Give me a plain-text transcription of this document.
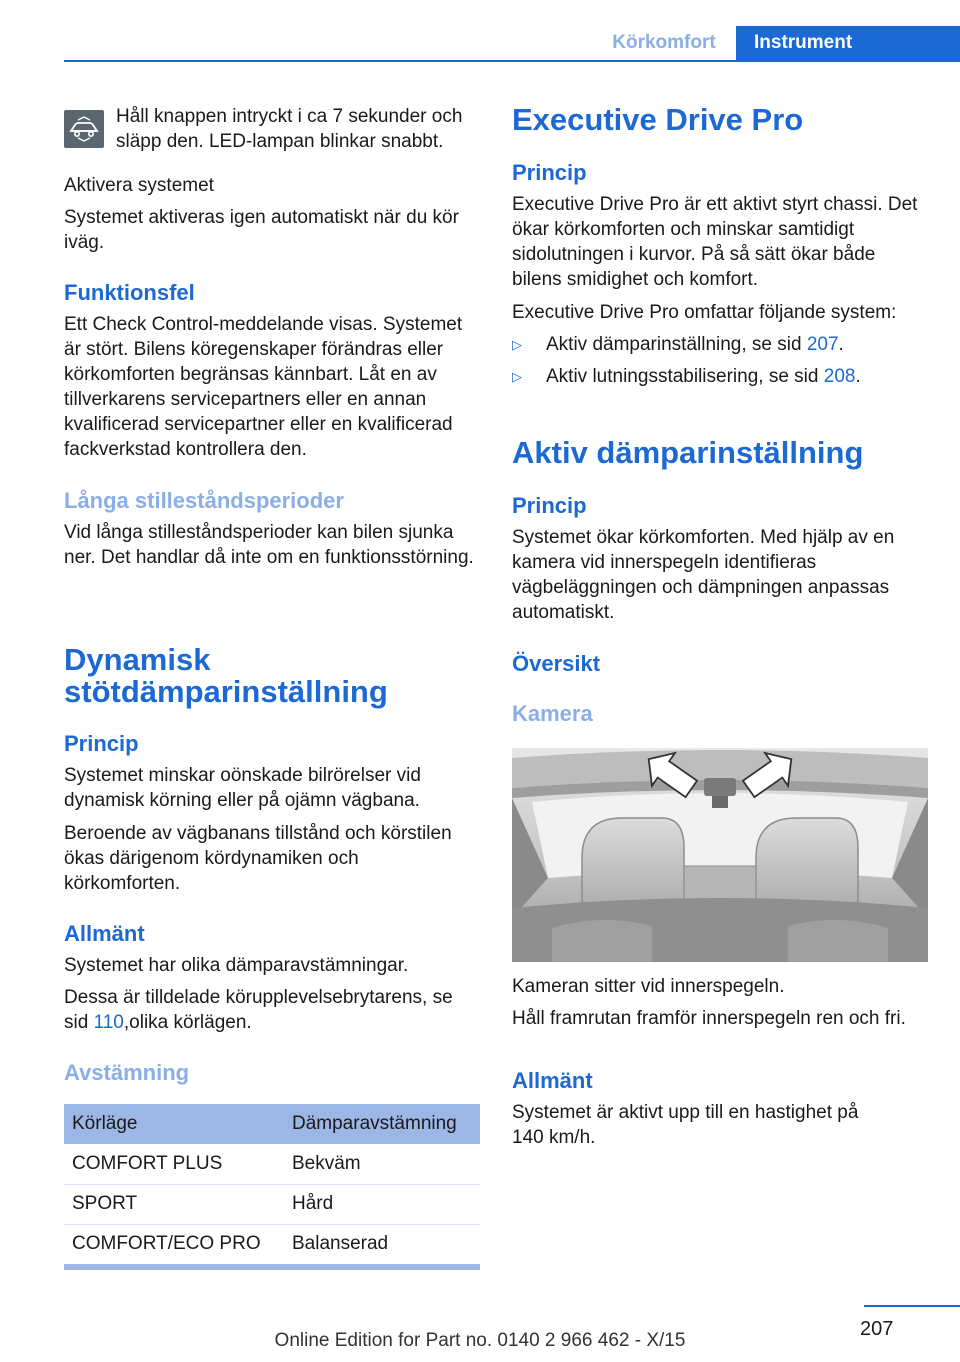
Körkomfort	Instrument

Håll knappen intryckt i ca 7 sekunder och släpp den. LED-lampan blinkar snabbt.

Aktivera systemet

Systemet aktiveras igen automatiskt när du kör iväg.

Funktionsfel

Ett Check Control-meddelande visas. Systemet är stört. Bilens köregenskaper förändras eller körkomforten begränsas kännbart. Låt en av tillverkarens servicepartners eller en annan kvalificerad servicepartner eller en kvalificerad fackverkstad kontrollera den.

Långa stilleståndsperioder

Vid långa stilleståndsperioder kan bilen sjunka ner. Det handlar då inte om en funktionsstörning.

Dynamisk
stötdämparinställning
Princip

Systemet minskar oönskade bilrörelser vid dynamisk körning eller på ojämn vägbana.

Beroende av vägbanans tillstånd och körstilen ökas därigenom kördynamiken och körkomforten.

Allmänt

Systemet har olika dämparavstämningar.

Dessa är tilldelade körupplevelsebrytarens, se sid 110,olika körlägen.

Avstämning
Körläge	Dämparavstämning
COMFORT PLUS	Bekväm
SPORT	Hård
COMFORT/ECO PRO	Balanserad
Executive Drive Pro
Princip

Executive Drive Pro är ett aktivt styrt chassi. Det ökar körkomforten och minskar samtidigt sidolutningen i kurvor. På så sätt ökar både bilens smidighet och komfort.

Executive Drive Pro omfattar följande system:

▷ Aktiv dämparinställning, se sid 207.
▷ Aktiv lutningsstabilisering, se sid 208.
Aktiv dämparinställning
Princip

Systemet ökar körkomforten. Med hjälp av en kamera vid innerspegeln identifieras vägbeläggningen och dämpningen anpassas automatiskt.

Översikt
Kamera

Kameran sitter vid innerspegeln.

Håll framrutan framför innerspegeln ren och fri.

Allmänt

Systemet är aktivt upp till en hastighet på 140 km/h.

207
Online Edition for Part no. 0140 2 966 462 - X/15
